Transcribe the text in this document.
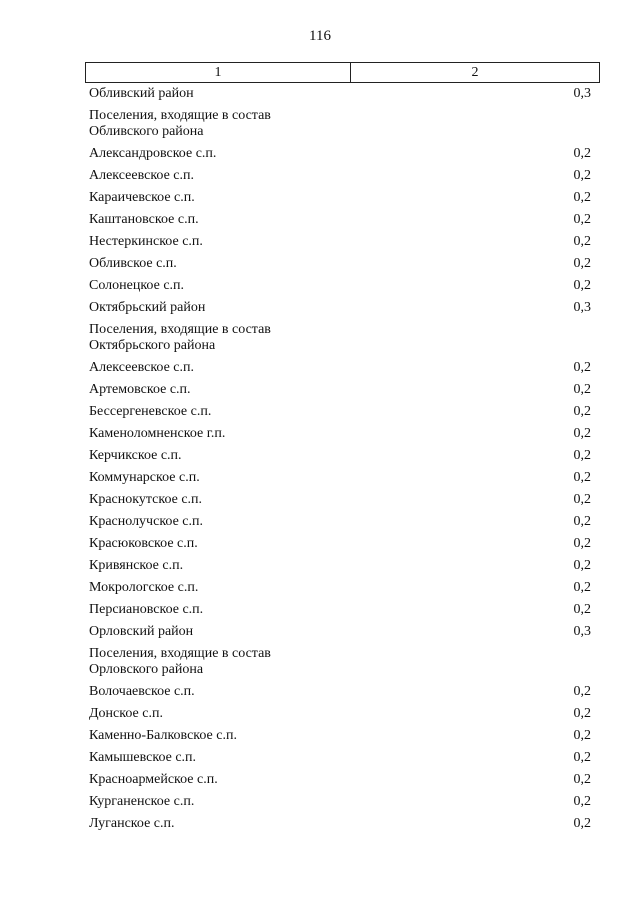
116
1	2
Обливский район	0,3
Поселения, входящие в состав
Обливского района
Александровское с.п.	0,2
Алексеевское с.п.	0,2
Караичевское с.п.	0,2
Каштановское с.п.	0,2
Нестеркинское с.п.	0,2
Обливское с.п.	0,2
Солонецкое с.п.	0,2
Октябрьский район	0,3
Поселения, входящие в состав
Октябрьского района
Алексеевское с.п.	0,2
Артемовское с.п.	0,2
Бессергеневское с.п.	0,2
Каменоломненское г.п.	0,2
Керчикское с.п.	0,2
Коммунарское с.п.	0,2
Краснокутское с.п.	0,2
Краснолучское с.п.	0,2
Красюковское с.п.	0,2
Кривянское с.п.	0,2
Мокрологское с.п.	0,2
Персиановское с.п.	0,2
Орловский район	0,3
Поселения, входящие в состав
Орловского района
Волочаевское с.п.	0,2
Донское с.п.	0,2
Каменно-Балковское с.п.	0,2
Камышевское с.п.	0,2
Красноармейское с.п.	0,2
Курганенское с.п.	0,2
Луганское с.п.	0,2
